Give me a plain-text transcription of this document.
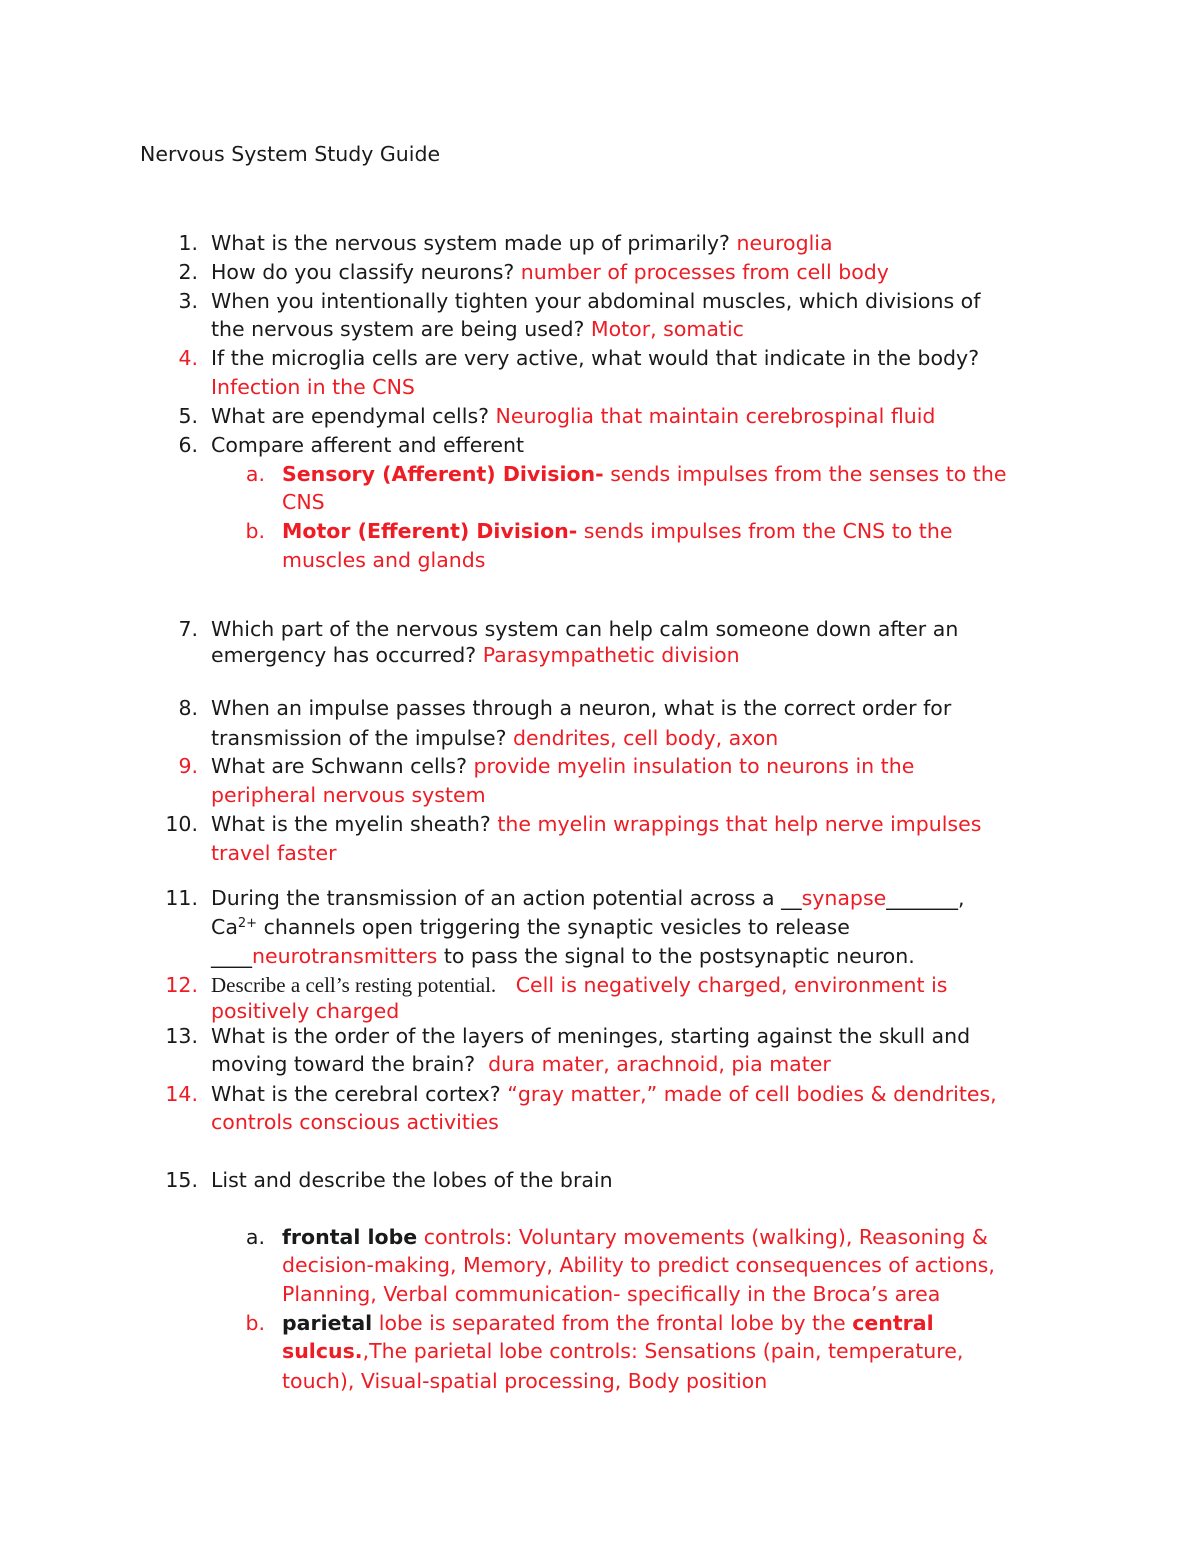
Nervous System Study Guide
1. What is the nervous system made up of primarily? neuroglia
2. How do you classify neurons? number of processes from cell body
3. When you intentionally tighten your abdominal muscles, which divisions of
the nervous system are being used? Motor, somatic
4. If the microglia cells are very active, what would that indicate in the body?
Infection in the CNS
5. What are ependymal cells? Neuroglia that maintain cerebrospinal fluid
6. Compare afferent and efferent
a. Sensory (Afferent) Division- sends impulses from the senses to the
CNS
b. Motor (Efferent) Division- sends impulses from the CNS to the
muscles and glands
7. Which part of the nervous system can help calm someone down after an
emergency has occurred? Parasympathetic division
8. When an impulse passes through a neuron, what is the correct order for
transmission of the impulse? dendrites, cell body, axon
9. What are Schwann cells? provide myelin insulation to neurons in the
peripheral nervous system
10. What is the myelin sheath? the myelin wrappings that help nerve impulses
travel faster
11. During the transmission of an action potential across a __synapse_______,
$Ca^{2+}$ channels open triggering the synaptic vesicles to release
____neurotransmitters to pass the signal to the postsynaptic neuron.
12. Describe a cell’s resting potential. Cell is negatively charged, environment is
positively charged
13. What is the order of the layers of meninges, starting against the skull and
moving toward the brain? dura mater, arachnoid, pia mater
14. What is the cerebral cortex? “gray matter,” made of cell bodies & dendrites,
controls conscious activities
15. List and describe the lobes of the brain
a. frontal lobe controls: Voluntary movements (walking), Reasoning &
decision-making, Memory, Ability to predict consequences of actions,
Planning, Verbal communication- specifically in the Broca’s area
b. parietal lobe is separated from the frontal lobe by the central
sulcus.,The parietal lobe controls: Sensations (pain, temperature,
touch), Visual-spatial processing, Body position
